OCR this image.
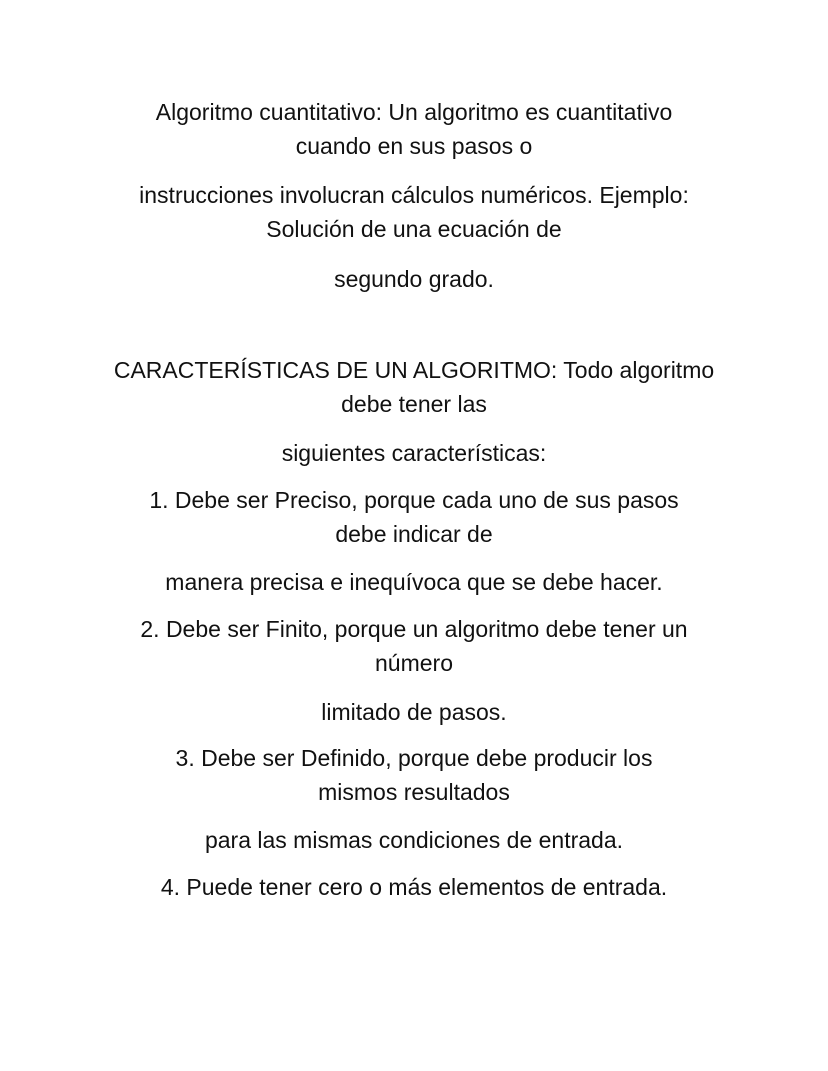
Algoritmo cuantitativo: Un algoritmo es cuantitativo
cuando en sus pasos o

instrucciones involucran cálculos numéricos. Ejemplo:
Solución de una ecuación de

segundo grado.

CARACTERÍSTICAS DE UN ALGORITMO: Todo algoritmo
debe tener las

siguientes características:

1. Debe ser Preciso, porque cada uno de sus pasos
debe indicar de

manera precisa e inequívoca que se debe hacer.

2. Debe ser Finito, porque un algoritmo debe tener un
número

limitado de pasos.

3. Debe ser Definido, porque debe producir los
mismos resultados

para las mismas condiciones de entrada.

4. Puede tener cero o más elementos de entrada.
